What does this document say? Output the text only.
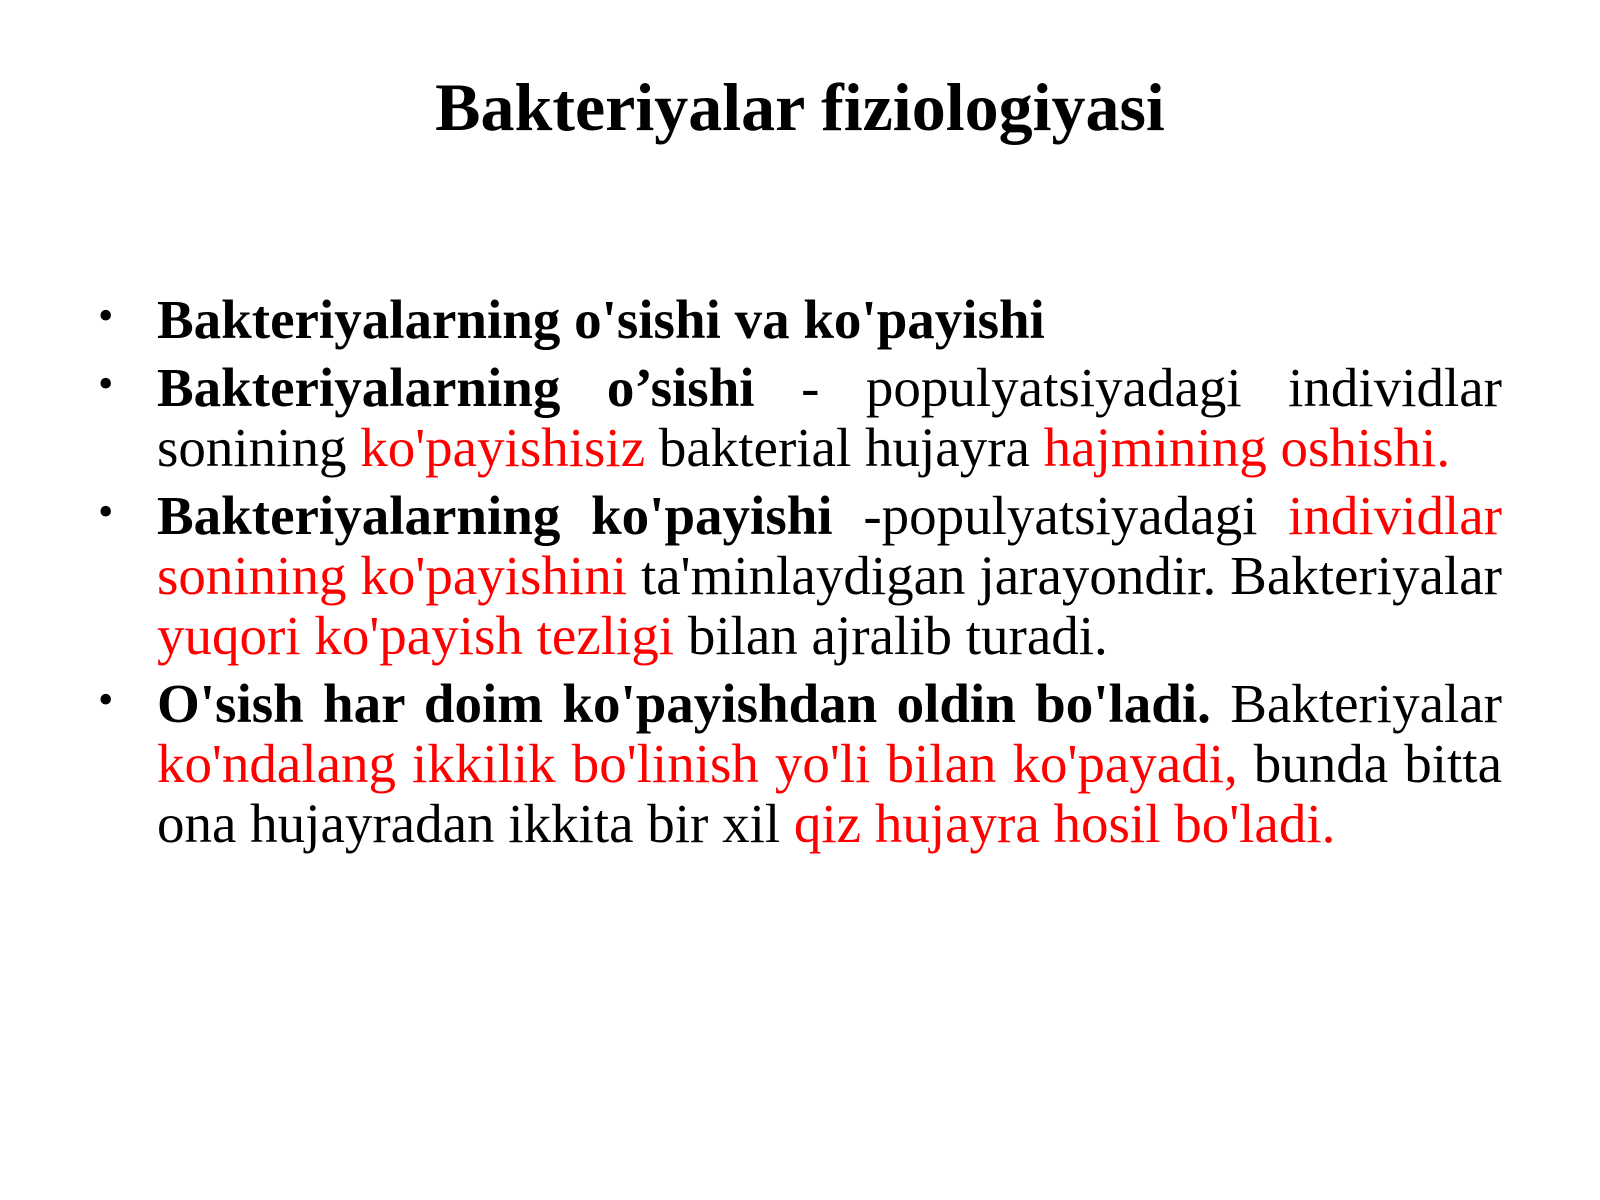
Bakteriyalar fiziologiyasi
• Bakteriyalarning o'sishi va ko'payishi
• Bakteriyalarning o’sishi - populyatsiyadagi individlar sonining ko'payishisiz bakterial hujayra hajmining oshishi.
• Bakteriyalarning ko'payishi -populyatsiyadagi individlar sonining ko'payishini ta'minlaydigan jarayondir. Bakteriyalar yuqori ko'payish tezligi bilan ajralib turadi.
• O'sish har doim ko'payishdan oldin bo'ladi. Bakteriyalar ko'ndalang ikkilik bo'linish yo'li bilan ko'payadi, bunda bitta ona hujayradan ikkita bir xil qiz hujayra hosil bo'ladi.
